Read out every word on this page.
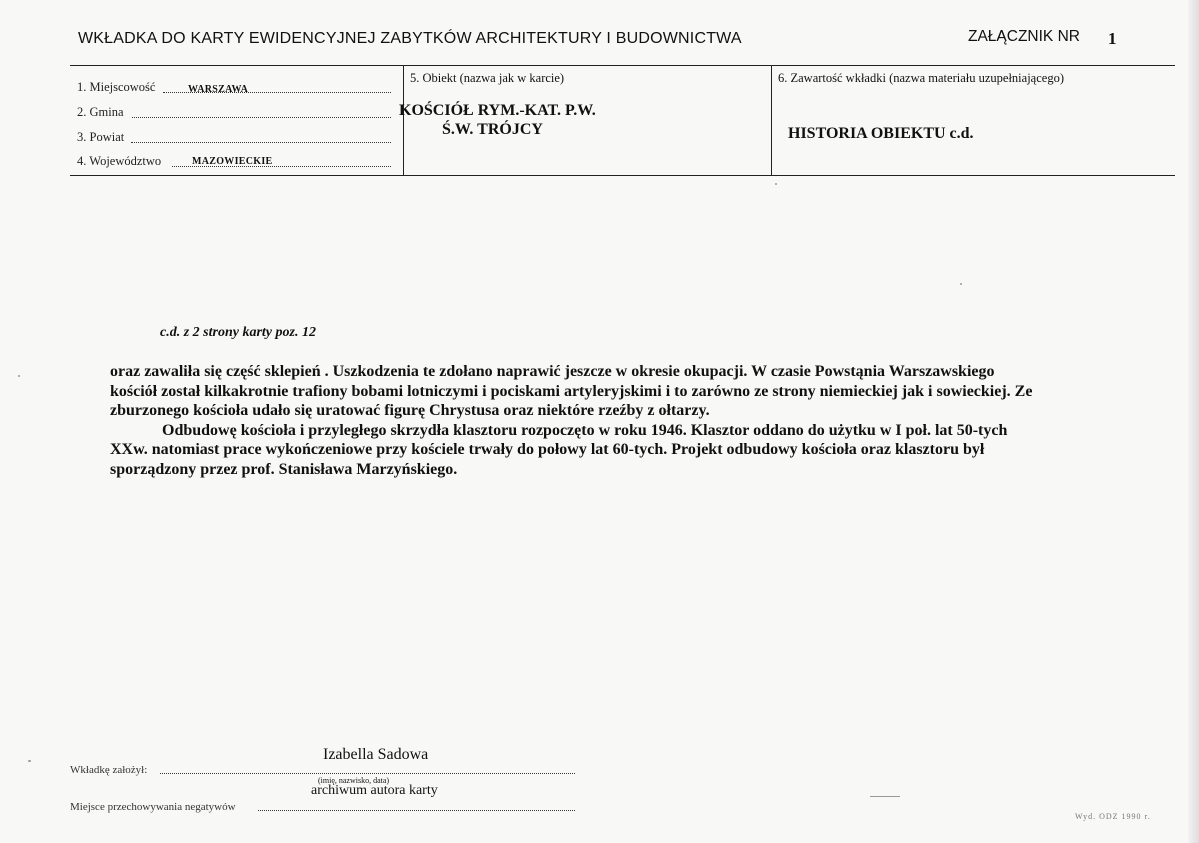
WKŁADKA DO KARTY EWIDENCYJNEJ ZABYTKÓW ARCHITEKTURY I BUDOWNICTWA	ZAŁĄCZNIK NR 1
1. Miejscowość	WARSZAWA
2. Gmina
3. Powiat
4. Województwo	MAZOWIECKIE
5. Obiekt (nazwa jak w karcie)
KOŚCIÓŁ RYM.-KAT. P.W.
Ś.W. TRÓJCY
6. Zawartość wkładki (nazwa materiału uzupełniającego)
HISTORIA OBIEKTU c.d.
c.d. z 2 strony karty poz. 12

oraz zawaliła się część sklepień . Uszkodzenia te zdołano naprawić jeszcze w okresie okupacji. W czasie Powstąnia Warszawskiego

kościół został kilkakrotnie trafiony bobami lotniczymi i pociskami artyleryjskimi i to zarówno ze strony niemieckiej jak i sowieckiej. Ze

zburzonego kościoła udało się uratować figurę Chrystusa oraz niektóre rzeźby z ołtarzy.

Odbudowę kościoła i przyległego skrzydła klasztoru rozpoczęto w roku 1946. Klasztor oddano do użytku w I poł. lat 50-tych

XXw. natomiast prace wykończeniowe przy kościele trwały do połowy lat 60-tych. Projekt odbudowy kościoła oraz klasztoru był

sporządzony przez prof. Stanisława Marzyńskiego.

Izabella Sadowa
Wkładkę założył:
(imię, nazwisko, data)
archiwum autora karty
Miejsce przechowywania negatywów
Wyd. ODZ 1990 r.
